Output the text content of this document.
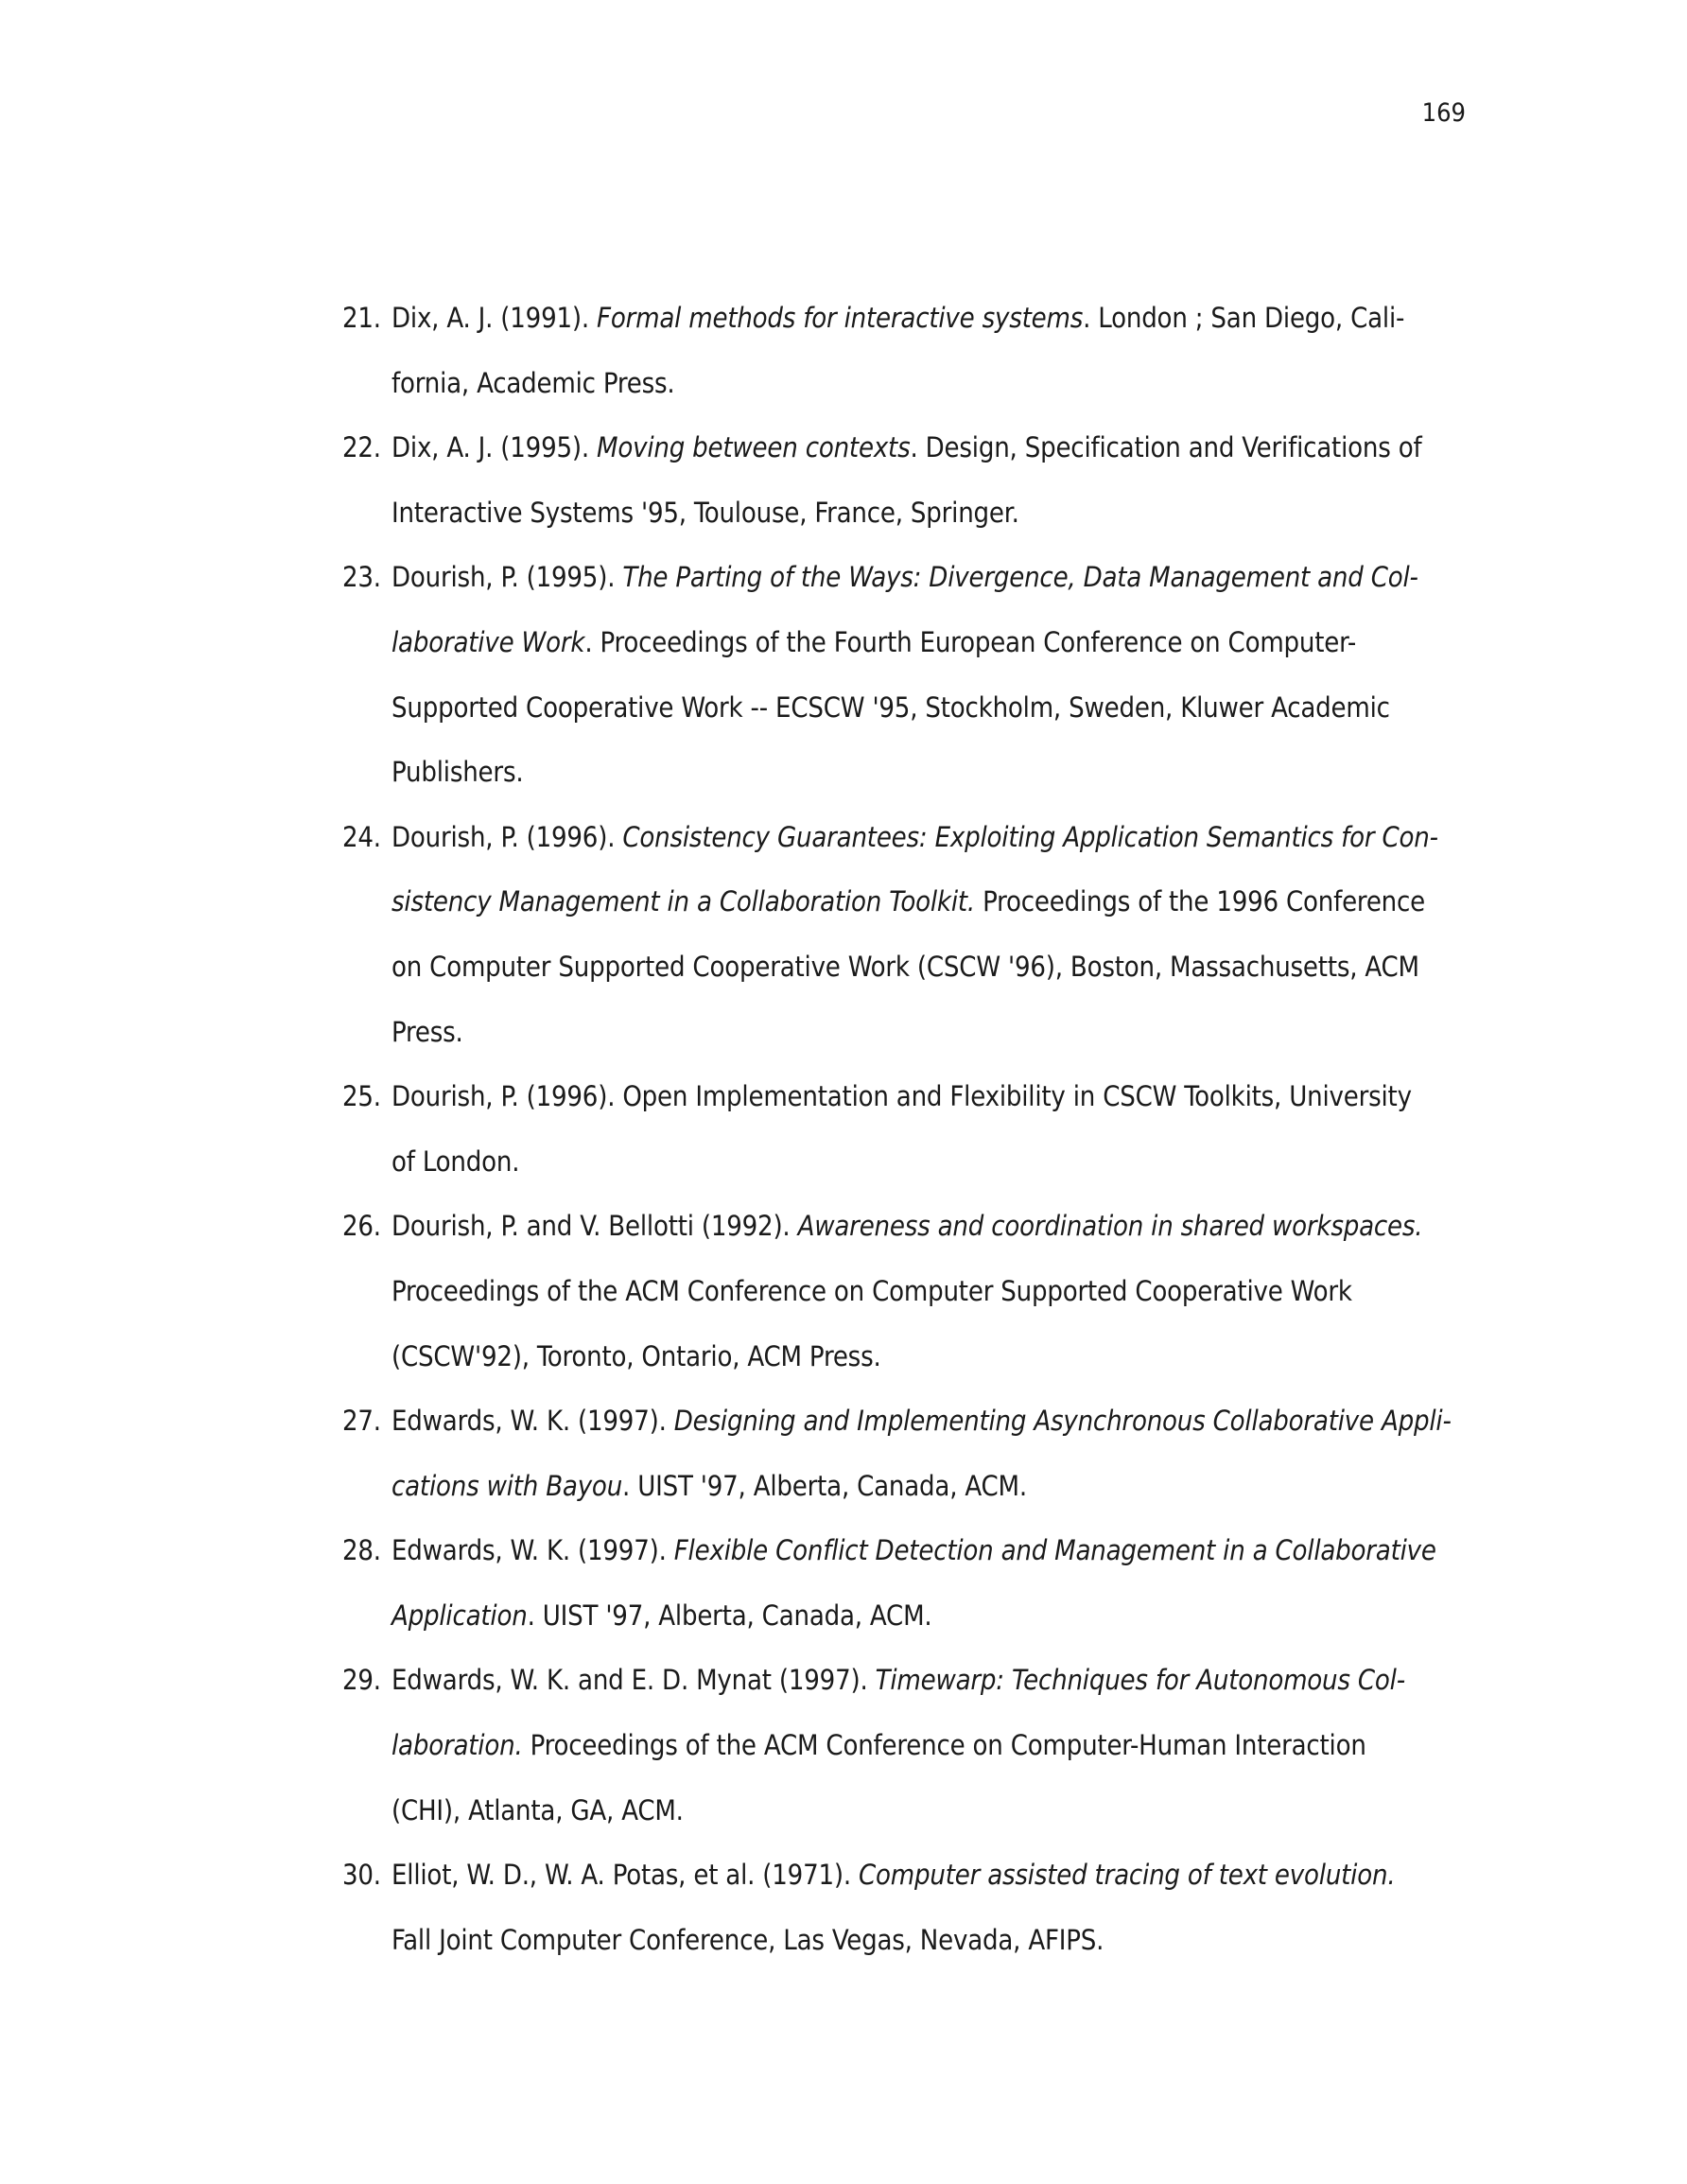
169
21. Dix, A. J. (1991). Formal methods for interactive systems. London ; San Diego, Cali-
fornia, Academic Press.
22. Dix, A. J. (1995). Moving between contexts. Design, Specification and Verifications of
Interactive Systems '95, Toulouse, France, Springer.
23. Dourish, P. (1995). The Parting of the Ways: Divergence, Data Management and Col-
laborative Work. Proceedings of the Fourth European Conference on Computer-
Supported Cooperative Work -- ECSCW '95, Stockholm, Sweden, Kluwer Academic
Publishers.
24. Dourish, P. (1996). Consistency Guarantees: Exploiting Application Semantics for Con-
sistency Management in a Collaboration Toolkit. Proceedings of the 1996 Conference
on Computer Supported Cooperative Work (CSCW '96), Boston, Massachusetts, ACM
Press.
25. Dourish, P. (1996). Open Implementation and Flexibility in CSCW Toolkits, University
of London.
26. Dourish, P. and V. Bellotti (1992). Awareness and coordination in shared workspaces.
Proceedings of the ACM Conference on Computer Supported Cooperative Work
(CSCW'92), Toronto, Ontario, ACM Press.
27. Edwards, W. K. (1997). Designing and Implementing Asynchronous Collaborative Appli-
cations with Bayou. UIST '97, Alberta, Canada, ACM.
28. Edwards, W. K. (1997). Flexible Conflict Detection and Management in a Collaborative
Application. UIST '97, Alberta, Canada, ACM.
29. Edwards, W. K. and E. D. Mynat (1997). Timewarp: Techniques for Autonomous Col-
laboration. Proceedings of the ACM Conference on Computer-Human Interaction
(CHI), Atlanta, GA, ACM.
30. Elliot, W. D., W. A. Potas, et al. (1971). Computer assisted tracing of text evolution.
Fall Joint Computer Conference, Las Vegas, Nevada, AFIPS.
